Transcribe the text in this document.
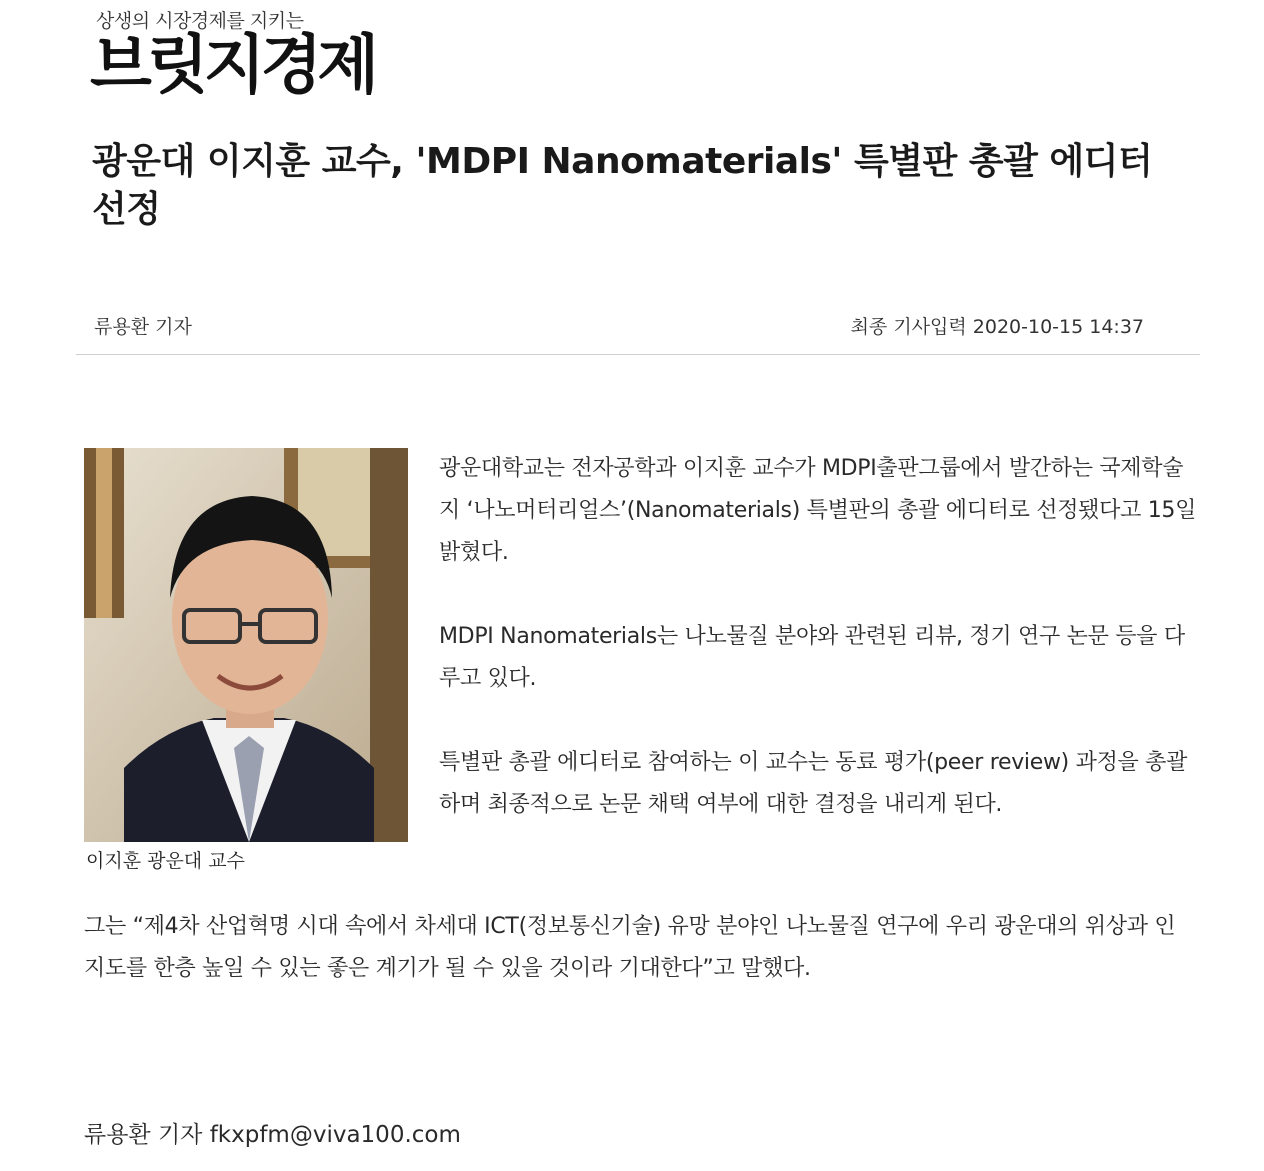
상생의 시장경제를 지키는
브릿지경제
광운대 이지훈 교수, 'MDPI Nanomaterials' 특별판 총괄 에디터 선정
류용환 기자	최종 기사입력 2020-10-15 14:37
이지훈 광운대 교수

광운대학교는 전자공학과 이지훈 교수가 MDPI출판그룹에서 발간하는 국제학술지 ‘나노머터리얼스’(Nanomaterials) 특별판의 총괄 에디터로 선정됐다고 15일 밝혔다.

MDPI Nanomaterials는 나노물질 분야와 관련된 리뷰, 정기 연구 논문 등을 다루고 있다.

특별판 총괄 에디터로 참여하는 이 교수는 동료 평가(peer review) 과정을 총괄하며 최종적으로 논문 채택 여부에 대한 결정을 내리게 된다.

그는 “제4차 산업혁명 시대 속에서 차세대 ICT(정보통신기술) 유망 분야인 나노물질 연구에 우리 광운대의 위상과 인지도를 한층 높일 수 있는 좋은 계기가 될 수 있을 것이라 기대한다”고 말했다.

류용환 기자 fkxpfm@viva100.com
